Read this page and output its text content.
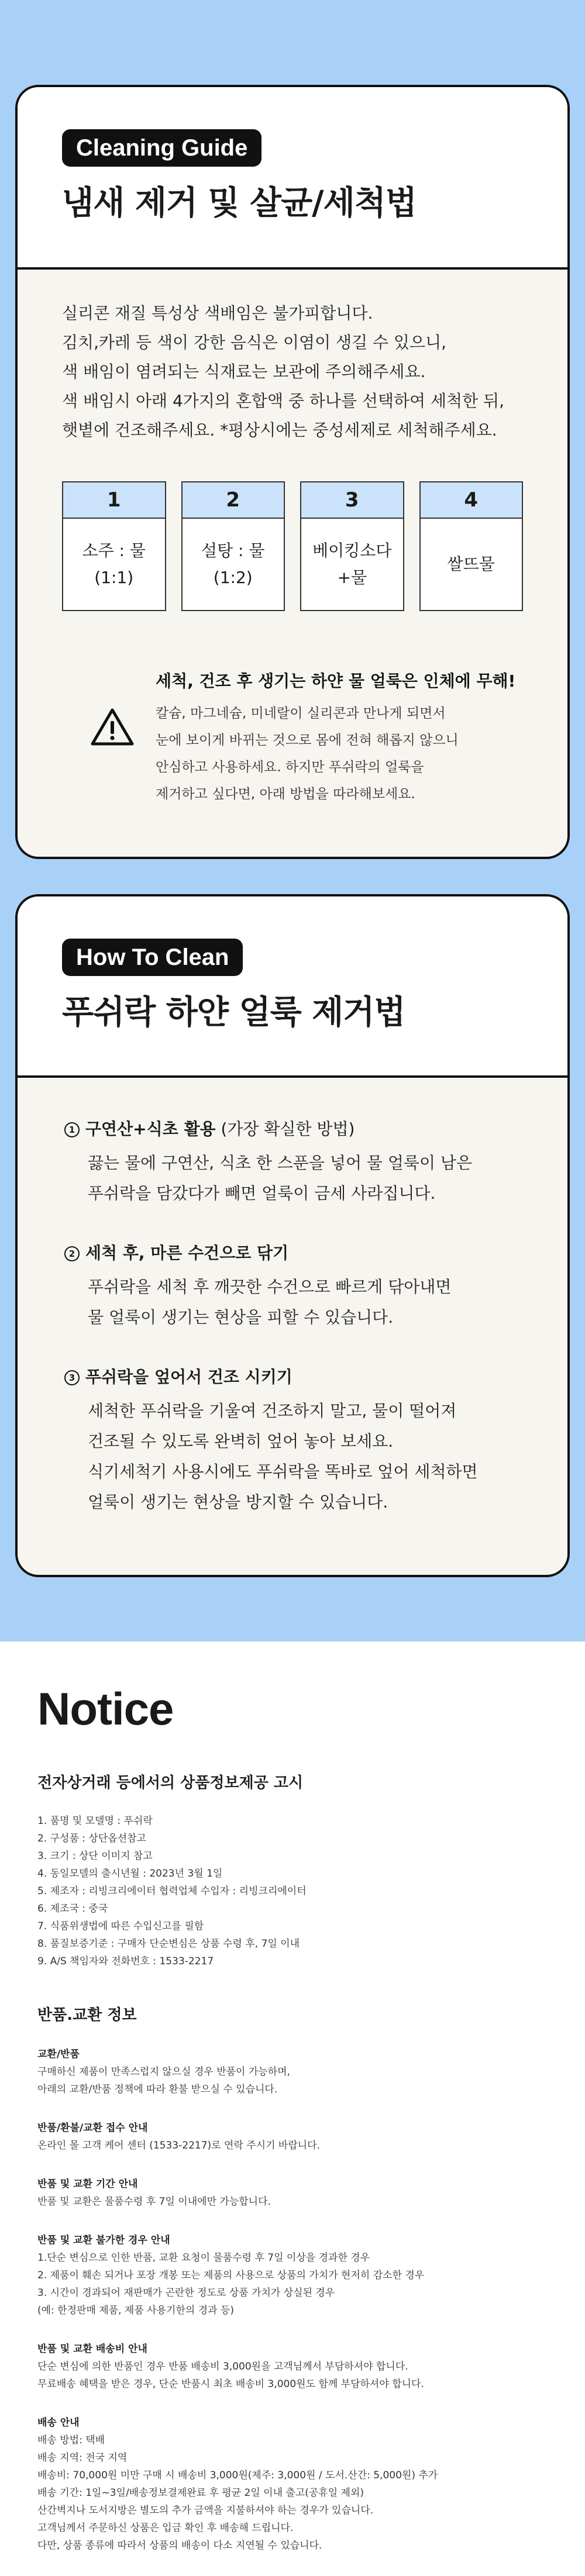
Cleaning Guide
냄새 제거 및 살균/세척법

실리콘 재질 특성상 색배임은 불가피합니다.

김치,카레 등 색이 강한 음식은 이염이 생길 수 있으니,

색 배임이 염려되는 식재료는 보관에 주의해주세요.

색 배임시 아래 4가지의 혼합액 중 하나를 선택하여 세척한 뒤,

햇볕에 건조해주세요. *평상시에는 중성세제로 세척해주세요.

1
소주 : 물
(1:1)
2
설탕 : 물
(1:2)
3
베이킹소다
+물
4
쌀뜨물
세척, 건조 후 생기는 하얀 물 얼룩은 인체에 무해!

칼슘, 마그네슘, 미네랄이 실리콘과 만나게 되면서

눈에 보이게 바뀌는 것으로 몸에 전혀 해롭지 않으니

안심하고 사용하세요. 하지만 푸쉬락의 얼룩을

제거하고 싶다면, 아래 방법을 따라해보세요.

How To Clean
푸쉬락 하얀 얼룩 제거법
1 구연산+식초 활용 (가장 확실한 방법)

끓는 물에 구연산, 식초 한 스푼을 넣어 물 얼룩이 남은

푸쉬락을 담갔다가 빼면 얼룩이 금세 사라집니다.

2 세척 후, 마른 수건으로 닦기

푸쉬락을 세척 후 깨끗한 수건으로 빠르게 닦아내면

물 얼룩이 생기는 현상을 피할 수 있습니다.

3 푸쉬락을 엎어서 건조 시키기

세척한 푸쉬락을 기울여 건조하지 말고, 물이 떨어져

건조될 수 있도록 완벽히 엎어 놓아 보세요.

식기세척기 사용시에도 푸쉬락을 똑바로 엎어 세척하면

얼룩이 생기는 현상을 방지할 수 있습니다.

Notice
전자상거래 등에서의 상품정보제공 고시
1. 품명 및 모델명 : 푸쉬락
2. 구성품 : 상단옵션참고
3. 크기 : 상단 이미지 참고
4. 동일모델의 출시년월 : 2023년 3월 1일
5. 제조자 : 리빙크리에이터 협력업체 수입자 : 리빙크리에이터
6. 제조국 : 중국
7. 식품위생법에 따른 수입신고를 필함
8. 품질보증기준 : 구매자 단순변심은 상품 수령 후, 7일 이내
9. A/S 책임자와 전화번호 : 1533-2217
반품.교환 정보
교환/반품
구매하신 제품이 만족스럽지 않으실 경우 반품이 가능하며,
아래의 교환/반품 정책에 따라 환불 받으실 수 있습니다.
반품/환불/교환 접수 안내
온라인 몰 고객 케어 센터 (1533-2217)로 연락 주시기 바랍니다.
반품 및 교환 기간 안내
반품 및 교환은 물품수령 후 7일 이내에만 가능합니다.
반품 및 교환 불가한 경우 안내
1.단순 변심으로 인한 반품, 교환 요청이 물품수령 후 7일 이상을 경과한 경우
2. 제품이 훼손 되거나 포장 개봉 또는 제품의 사용으로 상품의 가치가 현저히 감소한 경우
3. 시간이 경과되어 재판매가 곤란한 정도로 상품 가치가 상실된 경우
(예: 한정판매 제품, 제품 사용기한의 경과 등)
반품 및 교환 배송비 안내
단순 변심에 의한 반품인 경우 반품 배송비 3,000원을 고객님께서 부담하셔야 합니다.
무료배송 혜택을 받은 경우, 단순 반품시 최초 배송비 3,000원도 함께 부담하셔야 합니다.
배송 안내
배송 방법: 택배
배송 지역: 전국 지역
배송비: 70,000원 미만 구매 시 배송비 3,000원(제주: 3,000원 / 도서.산간: 5,000원) 추가
배송 기간: 1일~3일/배송정보결제완료 후 평균 2일 이내 출고(공휴일 제외)
산간벽지나 도서지방은 별도의 추가 금액을 지불하셔야 하는 경우가 있습니다.
고객님께서 주문하신 상품은 입금 확인 후 배송해 드립니다.
다만, 상품 종류에 따라서 상품의 배송이 다소 지연될 수 있습니다.
